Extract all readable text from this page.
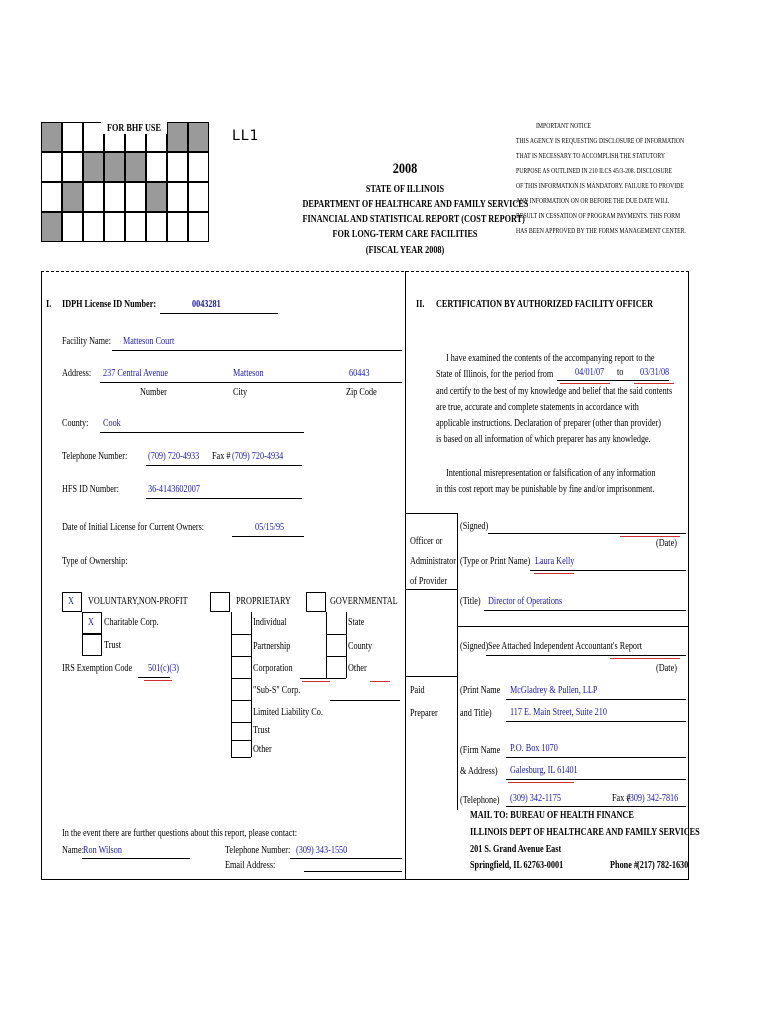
FOR BHF USE	LL1
IMPORTANT NOTICE
THIS AGENCY IS REQUESTING DISCLOSURE OF INFORMATION
THAT IS NECESSARY TO ACCOMPLISH THE STATUTORY
PURPOSE AS OUTLINED IN 210 ILCS 45/3-208. DISCLOSURE
OF THIS INFORMATION IS MANDATORY. FAILURE TO PROVIDE
ANY INFORMATION ON OR BEFORE THE DUE DATE WILL
RESULT IN CESSATION OF PROGRAM PAYMENTS. THIS FORM
HAS BEEN APPROVED BY THE FORMS MANAGEMENT CENTER.
2008
STATE OF ILLINOIS
DEPARTMENT OF HEALTHCARE AND FAMILY SERVICES
FINANCIAL AND STATISTICAL REPORT (COST REPORT)
FOR LONG-TERM CARE FACILITIES
(FISCAL YEAR 2008)
I. IDPH License ID Number:	0043281
Facility Name: Matteson Court
Address: 237 Central Avenue	Matteson	60443
Number	City	Zip Code
County: Cook
Telephone Number: (709) 720-4933 Fax # (709) 720-4934
HFS ID Number:	36-4143602007
Date of Initial License for Current Owners:	05/15/95
Type of Ownership:
X VOLUNTARY,NON-PROFIT
X Charitable Corp.
Trust
IRS Exemption Code 501(c)(3)
PROPRIETARY
Individual
Partnership
Corporation
"Sub-S" Corp.
Limited Liability Co.
Trust
Other
GOVERNMENTAL
State
County
Other
In the event there are further questions about this report, please contact:
Name: Ron Wilson	Telephone Number: (309) 343-1550
Email Address:
II. CERTIFICATION BY AUTHORIZED FACILITY OFFICER
I have examined the contents of the accompanying report to the
State of Illinois, for the period from 04/01/07 to 03/31/08
and certify to the best of my knowledge and belief that the said contents
are true, accurate and complete statements in accordance with
applicable instructions. Declaration of preparer (other than provider)
is based on all information of which preparer has any knowledge.
Intentional misrepresentation or falsification of any information
in this cost report may be punishable by fine and/or imprisonment.
Officer or
Administrator
of Provider
(Signed)
(Date)
(Type or Print Name) Laura Kelly
(Title) Director of Operations
(Signed) See Attached Independent Accountant's Report
(Date)
Paid
Preparer
(Print Name McGladrey & Pullen, LLP
and Title) 117 E. Main Street, Suite 210
(Firm Name P.O. Box 1070
& Address) Galesburg, IL 61401
(Telephone) (309) 342-1175	Fax #
(309) 342-7816
MAIL TO: BUREAU OF HEALTH FINANCE
ILLINOIS DEPT OF HEALTHCARE AND FAMILY SERVICES
201 S. Grand Avenue East
Springfield, IL 62763-0001	Phone #
(217) 782-1630
